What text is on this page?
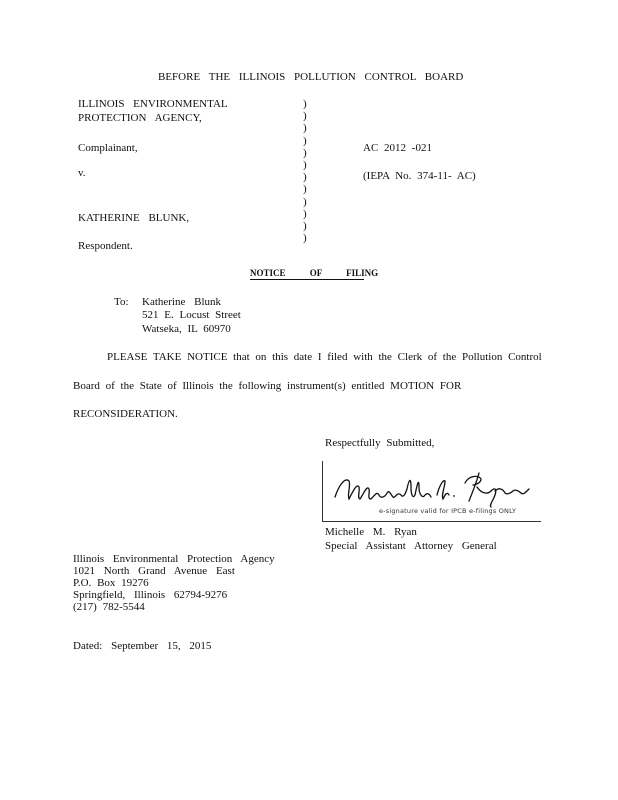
BEFORE THE ILLINOIS POLLUTION CONTROL BOARD
ILLINOIS ENVIRONMENTAL
PROTECTION AGENCY,
Complainant,
v.
KATHERINE BLUNK,
Respondent.
)
)
)
)
)
)
)
)
)
)
)
)
AC 2012 -021
(IEPA No. 374-11- AC)
NOTICE OF FILING
To: Katherine Blunk
521 E. Locust Street
Watseka, IL 60970
PLEASE TAKE NOTICE that on this date I filed with the Clerk of the Pollution Control
Board of the State of Illinois the following instrument(s) entitled MOTION FOR
RECONSIDERATION.
Respectfully Submitted,
e-signature valid for IPCB e-filings ONLY
Michelle M. Ryan
Special Assistant Attorney General
Illinois Environmental Protection Agency
1021 North Grand Avenue East
P.O. Box 19276
Springfield, Illinois 62794-9276
(217) 782-5544
Dated: September 15, 2015
